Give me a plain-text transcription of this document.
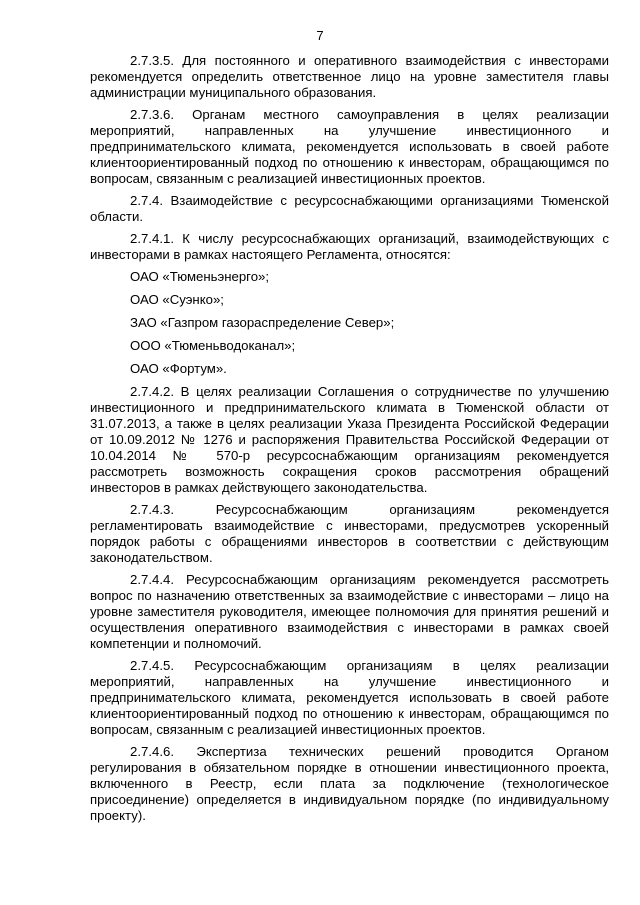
7

2.7.3.5. Для постоянного и оперативного взаимодействия с инвесторами рекомендуется определить ответственное лицо на уровне заместителя главы администрации муниципального образования.

2.7.3.6. Органам местного самоуправления в целях реализации мероприятий, направленных на улучшение инвестиционного и предпринимательского климата, рекомендуется использовать в своей работе клиентоориентированный подход по отношению к инвесторам, обращающимся по вопросам, связанным с реализацией инвестиционных проектов.

2.7.4. Взаимодействие с ресурсоснабжающими организациями Тюменской области.

2.7.4.1. К числу ресурсоснабжающих организаций, взаимодействующих с инвесторами в рамках настоящего Регламента, относятся:

ОАО «Тюменьэнерго»;

ОАО «Суэнко»;

ЗАО «Газпром газораспределение Север»;

ООО «Тюменьводоканал»;

ОАО «Фортум».

2.7.4.2. В целях реализации Соглашения о сотрудничестве по улучшению инвестиционного и предпринимательского климата в Тюменской области от 31.07.2013, а также в целях реализации Указа Президента Российской Федерации от 10.09.2012 № 1276 и распоряжения Правительства Российской Федерации от 10.04.2014 № 570-р ресурсоснабжающим организациям рекомендуется рассмотреть возможность сокращения сроков рассмотрения обращений инвесторов в рамках действующего законодательства.

2.7.4.3. Ресурсоснабжающим организациям рекомендуется регламентировать взаимодействие с инвесторами, предусмотрев ускоренный порядок работы с обращениями инвесторов в соответствии с действующим законодательством.

2.7.4.4. Ресурсоснабжающим организациям рекомендуется рассмотреть вопрос по назначению ответственных за взаимодействие с инвесторами – лицо на уровне заместителя руководителя, имеющее полномочия для принятия решений и осуществления оперативного взаимодействия с инвесторами в рамках своей компетенции и полномочий.

2.7.4.5. Ресурсоснабжающим организациям в целях реализации мероприятий, направленных на улучшение инвестиционного и предпринимательского климата, рекомендуется использовать в своей работе клиентоориентированный подход по отношению к инвесторам, обращающимся по вопросам, связанным с реализацией инвестиционных проектов.

2.7.4.6. Экспертиза технических решений проводится Органом регулирования в обязательном порядке в отношении инвестиционного проекта, включенного в Реестр, если плата за подключение (технологическое присоединение) определяется в индивидуальном порядке (по индивидуальному проекту).
